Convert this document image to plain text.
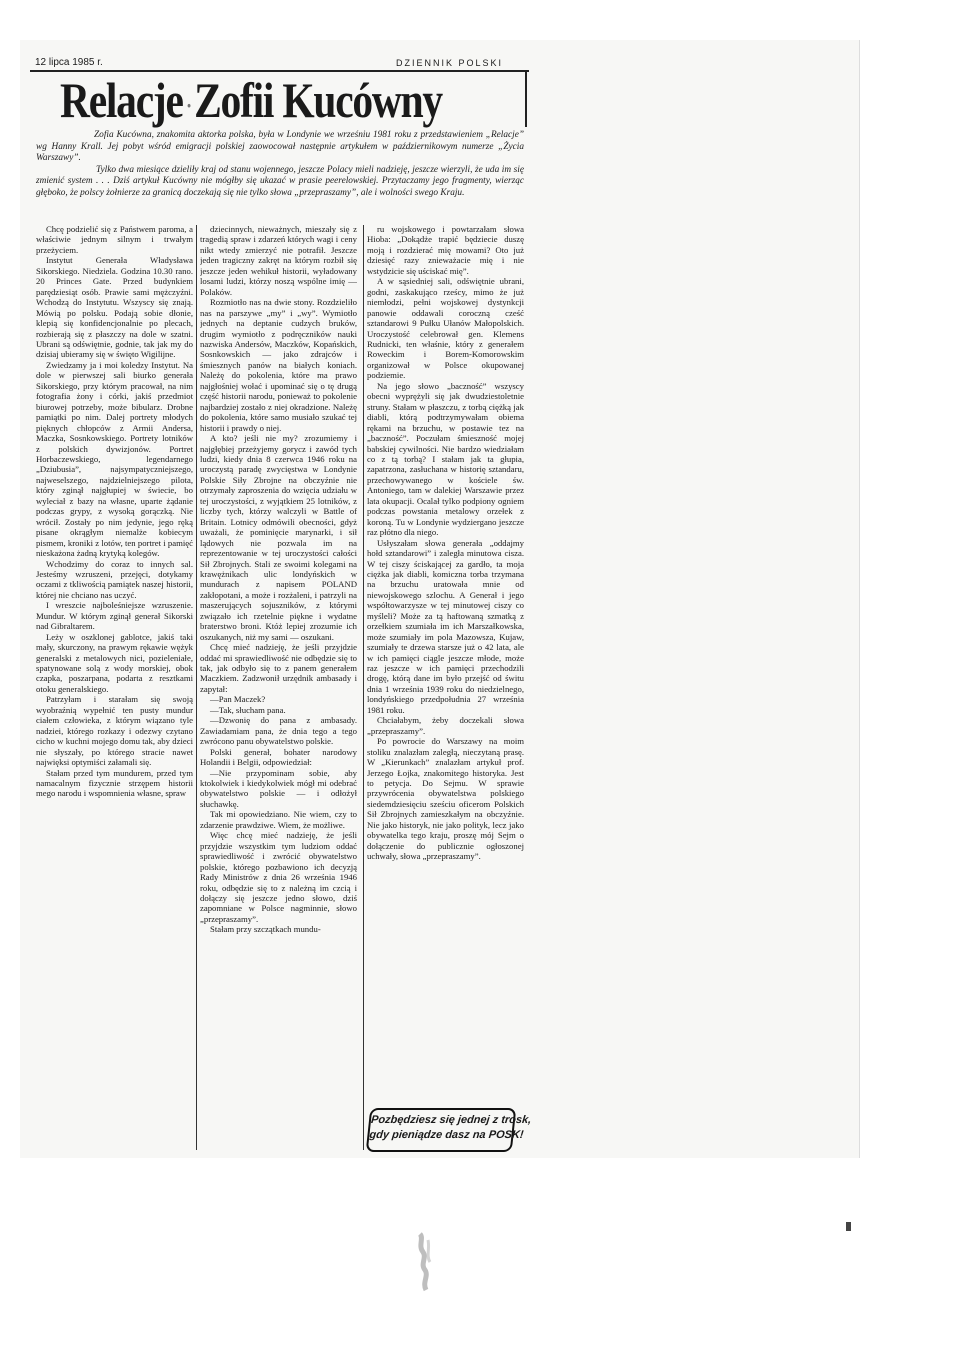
12 lipca 1985 r.	DZIENNIK POLSKI
Relacje ·Zofii Kucówny

Zofia Kucówna, znakomita aktorka polska, była w Londynie we wrześniu 1981 roku z przedstawieniem „Relacje” wg Hanny Krall. Jej pobyt wśród emigracji polskiej zaowocował następnie artykułem w październikowym numerze „Życia Warszawy”.

Tylko dwa miesiące dzieliły kraj od stanu wojennego, jeszcze Polacy mieli nadzieję, jeszcze wierzyli, że uda im się zmienić system . . . Dziś artykuł Kucówny nie mógłby się ukazać w prasie peerelowskiej. Przytaczamy jego fragmenty, wierząc głęboko, że polscy żołnierze za granicą doczekają się nie tylko słowa „przepraszamy”, ale i wolności swego Kraju.

Chcę podzielić się z Państwem paroma, a właściwie jednym silnym i trwałym przeżyciem.

Instytut Generała Władysława Sikorskiego. Niedziela. Godzina 10.30 rano. 20 Princes Gate. Przed budynkiem parędziesiąt osób. Prawie sami mężczyźni. Wchodzą do Instytutu. Wszyscy się znają. Mówią po polsku. Podają sobie dłonie, klepią się konfidencjonalnie po plecach, rozbierają się z płaszczy na dole w szatni. Ubrani są odświętnie, godnie, tak jak my do dzisiaj ubieramy się w święto Wigilijne.

Zwiedzamy ja i moi koledzy Instytut. Na dole w pierwszej sali biurko generała Sikorskiego, przy którym pracował, na nim fotografia żony i córki, jakiś przedmiot biurowej potrzeby, może bibularz. Drobne pamiątki po nim. Dalej portrety młodych pięknych chłopców z Armii Andersa, Maczka, Sosnkowskiego. Portrety lotników z polskich dywizjonów. Portret Horbaczewskiego, legendarnego „Dziubusia”, najsympatyczniejszego, najweselszego, najdzielniejszego pilota, który zginął najgłupiej w świecie, bo wyleciał z bazy na własne, uparte żądanie podczas grypy, z wysoką gorączką. Nie wrócił. Zostały po nim jedynie, jego ręką pisane okrągłym niemalże kobiecym pismem, kroniki z lotów, ten portret i pamięć nieskażona żadną krytyką kolegów.

Wchodzimy do coraz to innych sal. Jesteśmy wzruszeni, przejęci, dotykamy oczami z tkliwością pamiątek naszej historii, której nie chciano nas uczyć.

I wreszcie najboleśniejsze wzruszenie. Mundur. W którym zginął generał Sikorski nad Gibraltarem.

Leży w oszklonej gablotce, jakiś taki mały, skurczony, na prawym rękawie wężyk generalski z metalowych nici, pozieleniałe, spatynowane solą z wody morskiej, obok czapka, poszarpana, podarta z resztkami otoku generalskiego.

Patrzyłam i starałam się swoją wyobraźnią wypełnić ten pusty mundur ciałem człowieka, z którym wiązano tyle nadziei, którego rozkazy i odezwy czytano cicho w kuchni mojego domu tak, aby dzieci nie słyszały, po którego stracie nawet najwięksi optymiści załamali się.

Stałam przed tym mundurem, przed tym namacalnym fizycznie strzępem historii mego narodu i wspomnienia własne, spraw

dziecinnych, nieważnych, mieszały się z tragedią spraw i zdarzeń których wagi i ceny nikt wtedy zmierzyć nie potrafił. Jeszcze jeden tragiczny zakręt na którym rozbił się jeszcze jeden wehikuł historii, wyładowany losami ludzi, którzy noszą wspólne imię — Polaków.

Rozmiotło nas na dwie stony. Rozdzieliło nas na parszywe „my” i „wy”. Wymiotło jednych na deptanie cudzych bruków, drugim wymiotło z podręczników nauki nazwiska Andersów, Maczków, Kopańskich, Sosnkowskich — jako zdrajców i śmiesznych panów na białych koniach. Należę do pokolenia, które ma prawo najgłośniej wołać i upominać się o tę drugą część historii narodu, ponieważ to pokolenie najbardziej zostało z niej okradzione. Należę do pokolenia, które samo musiało szukać tej historii i prawdy o niej.

A kto? jeśli nie my? zrozumiemy i najgłębiej przeżyjemy gorycz i zawód tych ludzi, kiedy dnia 8 czerwca 1946 roku na uroczystą paradę zwycięstwa w Londynie Polskie Siły Zbrojne na obczyźnie nie otrzymały zaproszenia do wzięcia udziału w tej uroczystości, z wyjątkiem 25 lotników, z liczby tych, którzy walczyli w Battle of Britain. Lotnicy odmówili obecności, gdyż uważali, że pominięcie marynarki, i sił lądowych nie pozwala im na reprezentowanie w tej uroczystości całości Sił Zbrojnych. Stali ze swoimi kolegami na krawężnikach ulic londyńskich w mundurach z napisem POLAND zakłopotani, a może i rozżaleni, i patrzyli na maszerujących sojuszników, z którymi związało ich rzetelnie piękne i wydatne braterstwo broni. Któż lepiej zrozumie ich oszukanych, niż my sami — oszukani.

Chcę mieć nadzieję, że jeśli przyjdzie oddać mi sprawiedliwość nie odbędzie się to tak, jak odbyło się to z panem generałem Maczkiem. Zadzwonił urzędnik ambasady i zapytał:

—Pan Maczek?

—Tak, słucham pana.

—Dzwonię do pana z ambasady. Zawiadamiam pana, że dnia tego a tego zwrócono panu obywatelstwo polskie.

Polski generał, bohater narodowy Holandii i Belgii, odpowiedział:

—Nie przypominam sobie, aby ktokolwiek i kiedykolwiek mógł mi odebrać obywatelstwo polskie — i odłożył słuchawkę.

Tak mi opowiedziano. Nie wiem, czy to zdarzenie prawdziwe. Wiem, że możliwe.

Więc chcę mieć nadzieję, że jeśli przyjdzie wszystkim tym ludziom oddać sprawiedliwość i zwrócić obywatelstwo polskie, którego pozbawiono ich decyzją Rady Ministrów z dnia 26 września 1946 roku, odbędzie się to z należną im czcią i dołączy się jeszcze jedno słowo, dziś zapomniane w Polsce nagminnie, słowo „przepraszamy”.

Stałam przy szczątkach mundu-

ru wojskowego i powtarzałam słowa Hioba: „Dokądże trapić będziecie duszę moją i rozdzierać mię mowami? Oto już dziesięć razy znieważacie mię i nie wstydzicie się uściskać mię”.

A w sąsiedniej sali, odświętnie ubrani, godni, zaskakująco rześcy, mimo że już niemłodzi, pełni wojskowej dystynkcji panowie oddawali coroczną cześć sztandarowi 9 Pułku Ułanów Małopolskich. Uroczystość celebrował gen. Klemens Rudnicki, ten właśnie, który z generałem Roweckim i Borem-Komorowskim organizował w Polsce okupowanej podziemie.

Na jego słowo „baczność” wszyscy obecni wyprężyli się jak dwudziestoletnie struny. Stałam w płaszczu, z torbą ciężką jak diabli, którą podtrzymywałam obiema rękami na brzuchu, w postawie tez na „baczność”. Poczułam śmieszność mojej babskiej cywilności. Nie bardzo wiedziałam co z tą torbą? I stałam jak ta głupia, zapatrzona, zasłuchana w historię sztandaru, przechowywanego w kościele św. Antoniego, tam w dalekiej Warszawie przez lata okupacji. Ocalał tylko podpiony ogniem podczas powstania metalowy orzełek z koroną. Tu w Londynie wydziergano jeszcze raz płótno dla niego.

Usłyszałam słowa generała „oddajmy hołd sztandarowi” i zaległa minutowa cisza. W tej ciszy ściskającej za gardło, ta moja ciężka jak diabli, komiczna torba trzymana na brzuchu uratowała mnie od niewojskowego szlochu. A Generał i jego współtowarzysze w tej minutowej ciszy co myśleli? Może za tą haftowaną szmatką z orzełkiem szumiała im ich Marszałkowska, może szumiały im pola Mazowsza, Kujaw, szumiały te drzewa starsze już o 42 lata, ale w ich pamięci ciągle jeszcze młode, może raz jeszcze w ich pamięci przechodzili drogę, którą dane im było przejść od świtu dnia 1 września 1939 roku do niedzielnego, londyńskiego przedpołudnia 27 września 1981 roku.

Chciałabym, żeby doczekali słowa „przepraszamy”.

Po powrocie do Warszawy na moim stoliku znalazłam zaległą, nieczytaną prasę. W „Kierunkach” znalazłam artykuł prof. Jerzego Łojka, znakomitego historyka. Jest to petycja. Do Sejmu. W sprawie przywrócenia obywatelstwa polskiego siedemdziesięciu sześciu oficerom Polskich Sił Zbrojnych zamieszkałym na obczyźnie. Nie jako historyk, nie jako polityk, lecz jako obywatelka tego kraju, proszę mój Sejm o dołączenie do publicznie ogłoszonej uchwały, słowa „przepraszamy”.

Pozbędziesz się jednej z trosk,
gdy pieniądze dasz na POSK!
